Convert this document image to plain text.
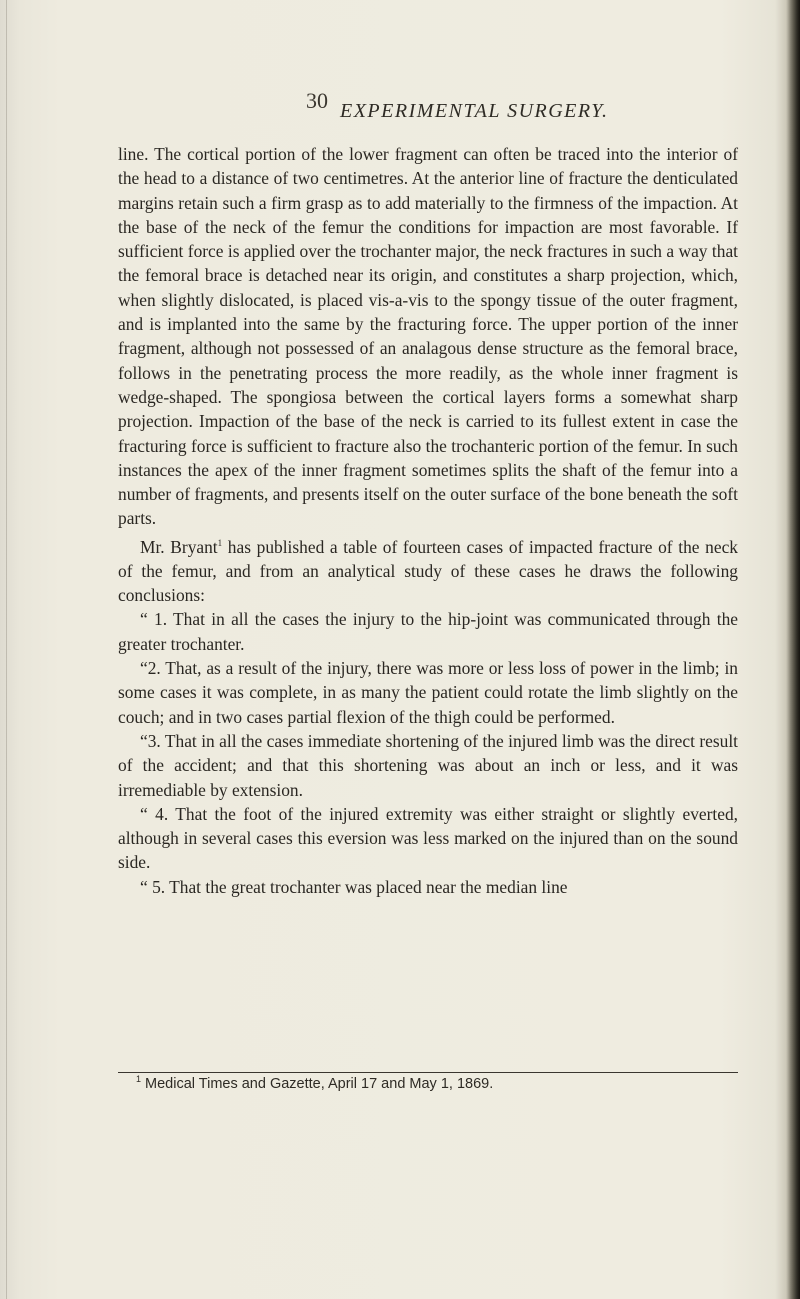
30 EXPERIMENTAL SURGERY.

line. The cortical portion of the lower fragment can often be traced into the interior of the head to a distance of two centimetres. At the anterior line of fracture the denticulated margins retain such a firm grasp as to add materially to the firmness of the impaction. At the base of the neck of the femur the conditions for impaction are most favorable. If sufficient force is applied over the trochanter major, the neck fractures in such a way that the femoral brace is detached near its origin, and constitutes a sharp projection, which, when slightly dislocated, is placed vis-a-vis to the spongy tissue of the outer fragment, and is implanted into the same by the fracturing force. The upper portion of the inner fragment, although not possessed of an analagous dense structure as the femoral brace, follows in the penetrating process the more readily, as the whole inner fragment is wedge-shaped. The spongiosa between the cortical layers forms a somewhat sharp projection. Impaction of the base of the neck is carried to its fullest extent in case the fracturing force is sufficient to fracture also the trochanteric portion of the femur. In such instances the apex of the inner fragment sometimes splits the shaft of the femur into a number of fragments, and presents itself on the outer surface of the bone beneath the soft parts.

Mr. Bryant$^1$ has published a table of fourteen cases of impacted fracture of the neck of the femur, and from an analytical study of these cases he draws the following conclusions:

“ 1. That in all the cases the injury to the hip-joint was communicated through the greater trochanter.

“2. That, as a result of the injury, there was more or less loss of power in the limb; in some cases it was complete, in as many the patient could rotate the limb slightly on the couch; and in two cases partial flexion of the thigh could be performed.

“3. That in all the cases immediate shortening of the injured limb was the direct result of the accident; and that this shortening was about an inch or less, and it was irremediable by extension.

“ 4. That the foot of the injured extremity was either straight or slightly everted, although in several cases this eversion was less marked on the injured than on the sound side.

“ 5. That the great trochanter was placed near the median line

$^1$ Medical Times and Gazette, April 17 and May 1, 1869.
